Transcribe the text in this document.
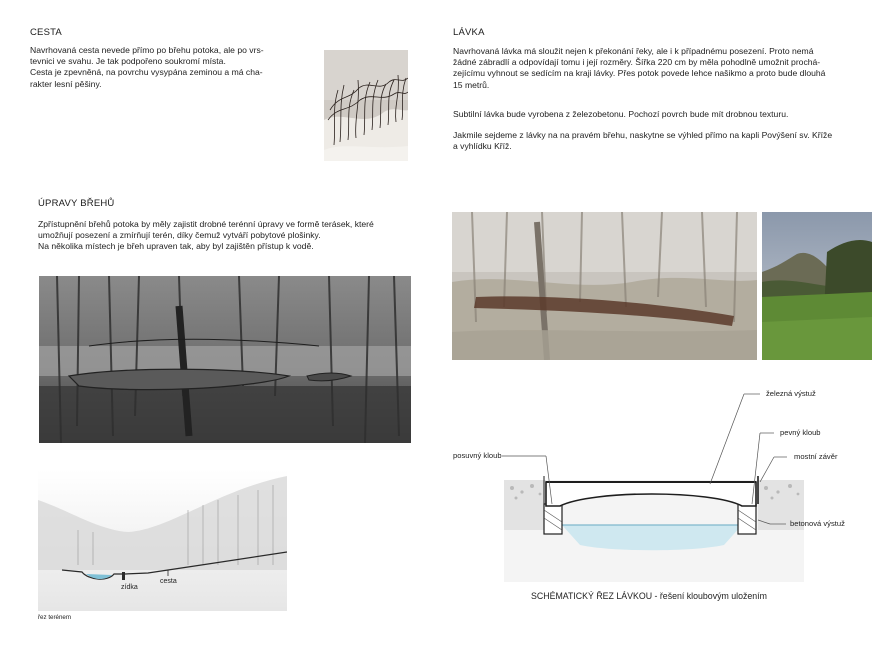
CESTA
Navrhovaná cesta nevede přímo po břehu potoka, ale po vrs-
tevnici ve svahu. Je tak podpořeno soukromí místa.
Cesta je zpevněná, na povrchu vysypána zeminou a má cha-
rakter lesní pěšiny.
LÁVKA
Navrhovaná lávka má sloužit nejen k překonání řeky, ale i k případnému posezení. Proto nemá
žádné zábradlí a odpovídají tomu i její rozměry. Šířka 220 cm by měla pohodlně umožnit prochá-
zejícímu vyhnout se sedícím na kraji lávky. Přes potok povede lehce našikmo a proto bude dlouhá
15 metrů.
Subtilní lávka bude vyrobena z železobetonu. Pochozí povrch bude mít drobnou texturu.
Jakmile sejdeme z lávky na na pravém břehu, naskytne se výhled přímo na kapli Povýšení sv. Kříže
a vyhlídku Kříž.
ÚPRAVY BŘEHŮ
Zpřístupnění břehů potoka by měly zajistit drobné terénní úpravy ve formě terásek, které
umožňují posezení a zmírňují terén, díky čemuž vytváří pobytové plošinky.
Na několika místech je břeh upraven tak, aby byl zajištěn přístup k vodě.
zídka
cesta
řez terénem
železná výstuž
pevný kloub
mostní závěr
posuvný kloub
betonová výstuž
SCHÉMATICKÝ ŘEZ LÁVKOU - řešení kloubovým uložením
